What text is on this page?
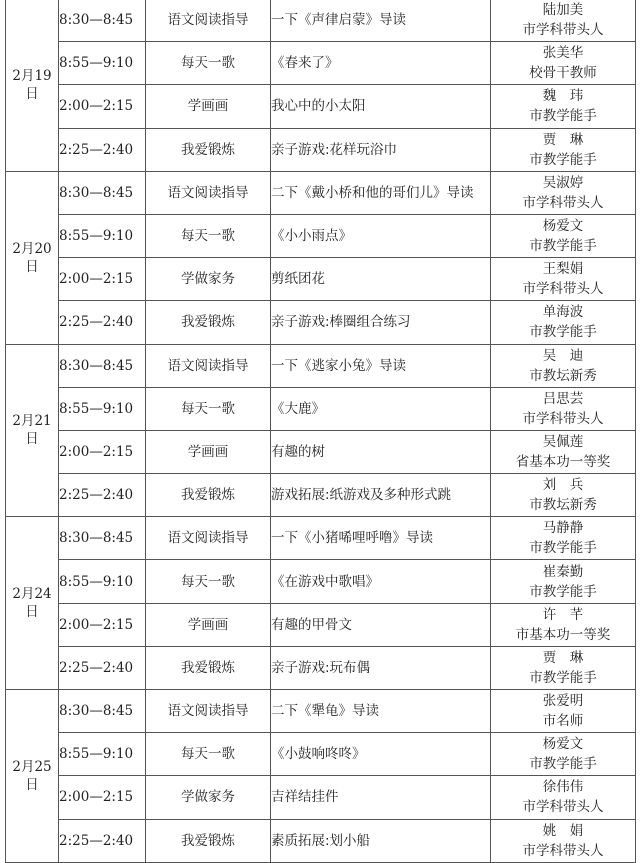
2月19
日	8:30—8:45	语文阅读指导	一下《声律启蒙》导读	陆加美
市学科带头人

	8:55—9:10	每天一歌	《春来了》	张美华
校骨干教师

	2:00—2:15	学画画	我心中的小太阳	魏　玮
市教学能手

	2:25—2:40	我爱锻炼	亲子游戏:花样玩浴巾	贾　琳
市教学能手

2月20
日	8:30—8:45	语文阅读指导	二下《戴小桥和他的哥们儿》导读	吴淑婷
市学科带头人

	8:55—9:10	每天一歌	《小小雨点》	杨爱文
市教学能手

	2:00—2:15	学做家务	剪纸团花	王梨娟
市学科带头人

	2:25—2:40	我爱锻炼	亲子游戏:棒圈组合练习	单海波
市教学能手

2月21
日	8:30—8:45	语文阅读指导	一下《逃家小兔》导读	吴　迪
市教坛新秀

	8:55—9:10	每天一歌	《大鹿》	吕思芸
市学科带头人

	2:00—2:15	学画画	有趣的树	吴佩莲
省基本功一等奖

	2:25—2:40	我爱锻炼	游戏拓展:纸游戏及多种形式跳	刘　兵
市教坛新秀

2月24
日	8:30—8:45	语文阅读指导	一下《小猪唏哩呼噜》导读	马静静
市教学能手

	8:55—9:10	每天一歌	《在游戏中歌唱》	崔秦勤
市教学能手

	2:00—2:15	学画画	有趣的甲骨文	许　芊
市基本功一等奖

	2:25—2:40	我爱锻炼	亲子游戏:玩布偶	贾　琳
市教学能手

2月25
日	8:30—8:45	语文阅读指导	二下《犟龟》导读	张爱明
市名师

	8:55—9:10	每天一歌	《小鼓响咚咚》	杨爱文
市教学能手

	2:00—2:15	学做家务	吉祥结挂件	徐伟伟
市学科带头人

	2:25—2:40	我爱锻炼	素质拓展:划小船	姚　娟
市学科带头人
